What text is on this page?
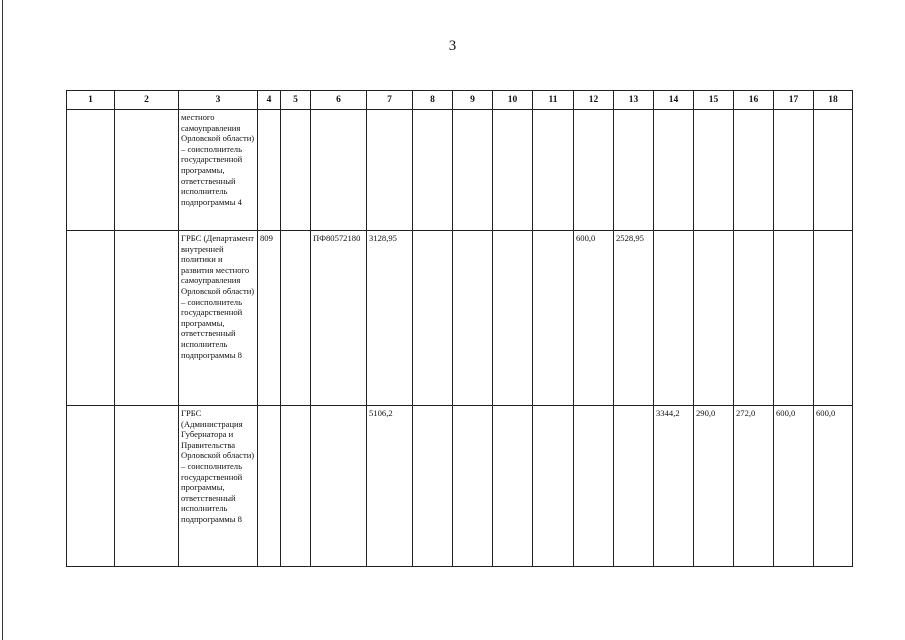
3
1	2	3	4	5	6	7	8	9	10	11	12	13	14	15	16	17	18
		местного самоуправления Орловской области) – соисполнитель государственной программы, ответственный исполнитель подпрограммы 4															
		ГРБС (Департамент внутренней политики и развития местного самоуправления Орловской области) – соисполнитель государственной программы, ответственный исполнитель подпрограммы 8	809		ПФ80572180	3128,95					600,0	2528,95					
		ГРБС (Администрация Губернатора и Правительства Орловской области) – соисполнитель государственной программы, ответственный исполнитель подпрограммы 8				5106,2							3344,2	290,0	272,0	600,0	600,0
